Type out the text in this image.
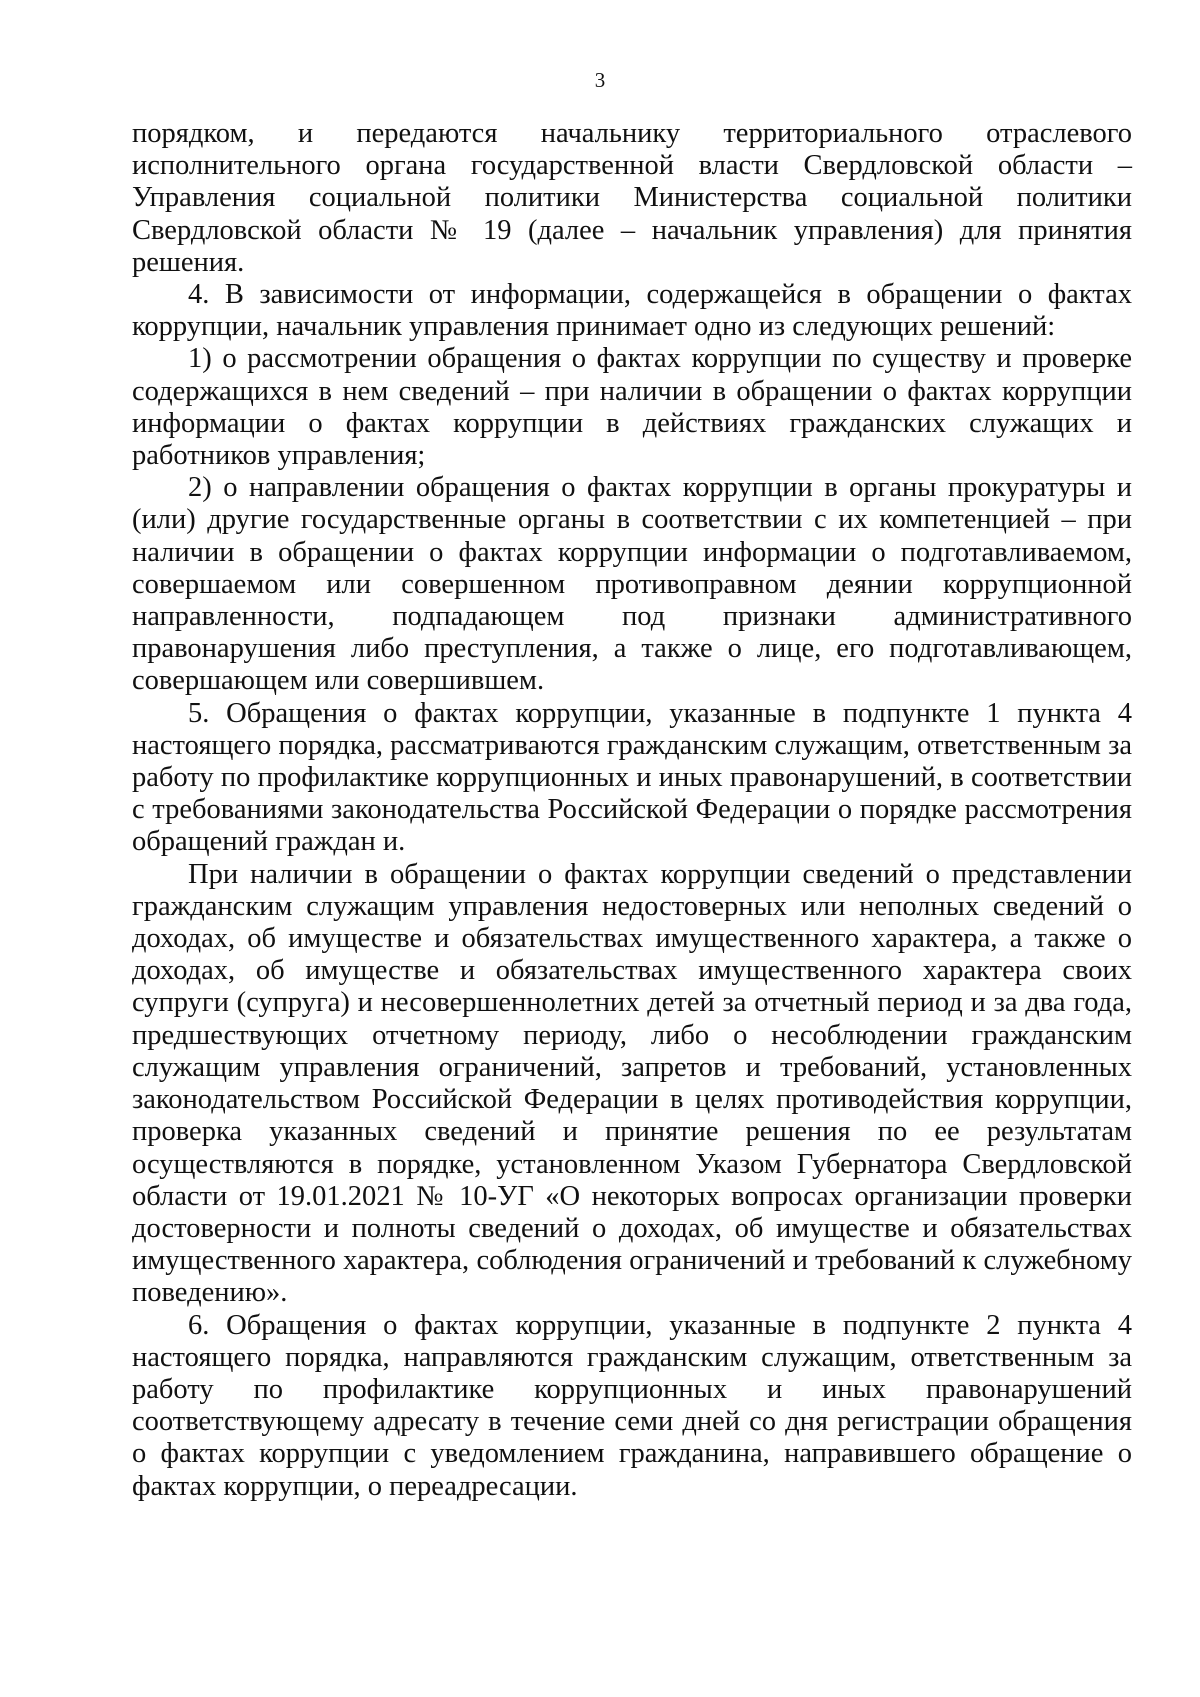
3

порядком, и передаются начальнику территориального отраслевого исполнительного органа государственной власти Свердловской области – Управления социальной политики Министерства социальной политики Свердловской области № 19 (далее – начальник управления) для принятия решения.

4. В зависимости от информации, содержащейся в обращении о фактах коррупции, начальник управления принимает одно из следующих решений:

1) о рассмотрении обращения о фактах коррупции по существу и проверке содержащихся в нем сведений – при наличии в обращении о фактах коррупции информации о фактах коррупции в действиях гражданских служащих и работников управления;

2) о направлении обращения о фактах коррупции в органы прокуратуры и (или) другие государственные органы в соответствии с их компетенцией – при наличии в обращении о фактах коррупции информации о подготавливаемом, совершаемом или совершенном противоправном деянии коррупционной направленности, подпадающем под признаки административного правонарушения либо преступления, а также о лице, его подготавливающем, совершающем или совершившем.

5. Обращения о фактах коррупции, указанные в подпункте 1 пункта 4 настоящего порядка, рассматриваются гражданским служащим, ответственным за работу по профилактике коррупционных и иных правонарушений, в соответствии с требованиями законодательства Российской Федерации о порядке рассмотрения обращений граждан и.

При наличии в обращении о фактах коррупции сведений о представлении гражданским служащим управления недостоверных или неполных сведений о доходах, об имуществе и обязательствах имущественного характера, а также о доходах, об имуществе и обязательствах имущественного характера своих супруги (супруга) и несовершеннолетних детей за отчетный период и за два года, предшествующих отчетному периоду, либо о несоблюдении гражданским служащим управления ограничений, запретов и требований, установленных законодательством Российской Федерации в целях противодействия коррупции, проверка указанных сведений и принятие решения по ее результатам осуществляются в порядке, установленном Указом Губернатора Свердловской области от 19.01.2021 № 10-УГ «О некоторых вопросах организации проверки достоверности и полноты сведений о доходах, об имуществе и обязательствах имущественного характера, соблюдения ограничений и требований к служебному поведению».

6. Обращения о фактах коррупции, указанные в подпункте 2 пункта 4 настоящего порядка, направляются гражданским служащим, ответственным за работу по профилактике коррупционных и иных правонарушений соответствующему адресату в течение семи дней со дня регистрации обращения о фактах коррупции с уведомлением гражданина, направившего обращение о фактах коррупции, о переадресации.
